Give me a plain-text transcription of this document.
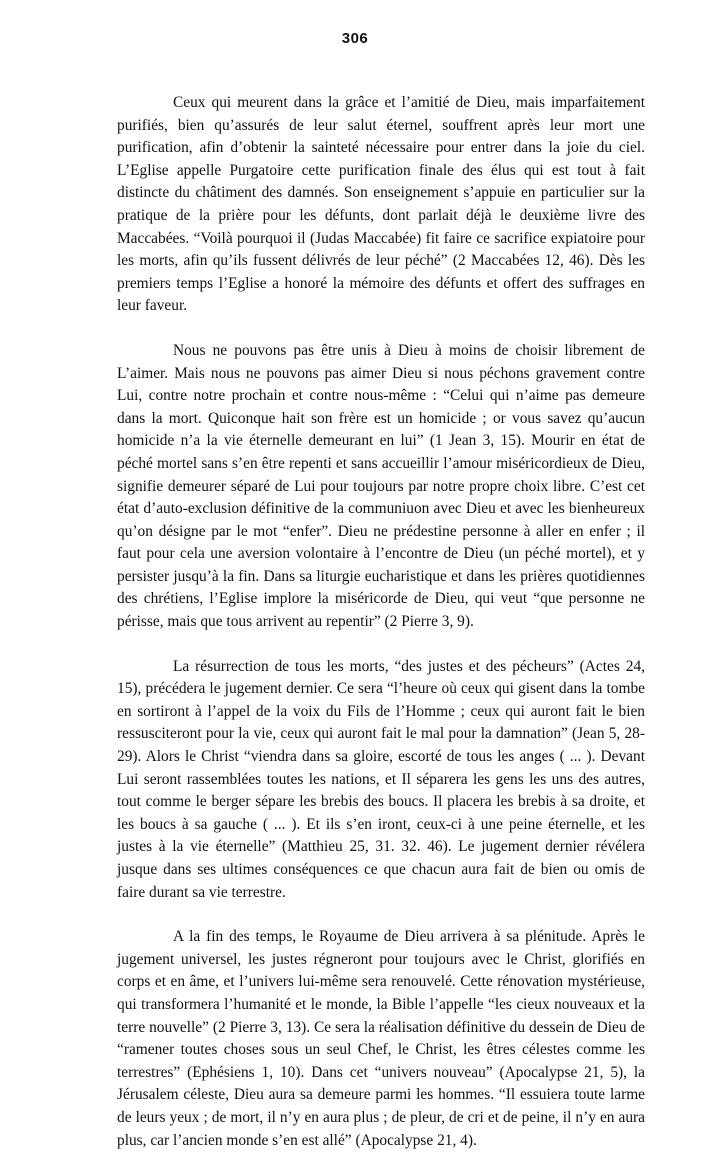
306

Ceux qui meurent dans la grâce et l’amitié de Dieu, mais imparfaitement purifiés, bien qu’assurés de leur salut éternel, souffrent après leur mort une purification, afin d’obtenir la sainteté nécessaire pour entrer dans la joie du ciel. L’Eglise appelle Purgatoire cette purification finale des élus qui est tout à fait distincte du châtiment des damnés. Son enseignement s’appuie en particulier sur la pratique de la prière pour les défunts, dont parlait déjà le deuxième livre des Maccabées. “Voilà pourquoi il (Judas Maccabée) fit faire ce sacrifice expiatoire pour les morts, afin qu’ils fussent délivrés de leur péché” (2 Maccabées 12, 46). Dès les premiers temps l’Eglise a honoré la mémoire des défunts et offert des suffrages en leur faveur.

Nous ne pouvons pas être unis à Dieu à moins de choisir librement de L’aimer. Mais nous ne pouvons pas aimer Dieu si nous péchons gravement contre Lui, contre notre prochain et contre nous-même : “Celui qui n’aime pas demeure dans la mort. Quiconque hait son frère est un homicide ; or vous savez qu’aucun homicide n’a la vie éternelle demeurant en lui” (1 Jean 3, 15). Mourir en état de péché mortel sans s’en être repenti et sans accueillir l’amour miséricordieux de Dieu, signifie demeurer séparé de Lui pour toujours par notre propre choix libre. C’est cet état d’auto-exclusion définitive de la communiuon avec Dieu et avec les bienheureux qu’on désigne par le mot “enfer”. Dieu ne prédestine personne à aller en enfer ; il faut pour cela une aversion volontaire à l’encontre de Dieu (un péché mortel), et y persister jusqu’à la fin. Dans sa liturgie eucharistique et dans les prières quotidiennes des chrétiens, l’Eglise implore la miséricorde de Dieu, qui veut “que personne ne périsse, mais que tous arrivent au repentir” (2 Pierre 3, 9).

La résurrection de tous les morts, “des justes et des pécheurs” (Actes 24, 15), précédera le jugement dernier. Ce sera “l’heure où ceux qui gisent dans la tombe en sortiront à l’appel de la voix du Fils de l’Homme ; ceux qui auront fait le bien ressusciteront pour la vie, ceux qui auront fait le mal pour la damnation” (Jean 5, 28-29). Alors le Christ “viendra dans sa gloire, escorté de tous les anges ( ... ). Devant Lui seront rassemblées toutes les nations, et Il séparera les gens les uns des autres, tout comme le berger sépare les brebis des boucs. Il placera les brebis à sa droite, et les boucs à sa gauche ( ... ). Et ils s’en iront, ceux-ci à une peine éternelle, et les justes à la vie éternelle” (Matthieu 25, 31. 32. 46). Le jugement dernier révélera jusque dans ses ultimes conséquences ce que chacun aura fait de bien ou omis de faire durant sa vie terrestre.

A la fin des temps, le Royaume de Dieu arrivera à sa plénitude. Après le jugement universel, les justes régneront pour toujours avec le Christ, glorifiés en corps et en âme, et l’univers lui-même sera renouvelé. Cette rénovation mystérieuse, qui transformera l’humanité et le monde, la Bible l’appelle “les cieux nouveaux et la terre nouvelle” (2 Pierre 3, 13). Ce sera la réalisation définitive du dessein de Dieu de “ramener toutes choses sous un seul Chef, le Christ, les êtres célestes comme les terrestres” (Ephésiens 1, 10). Dans cet “univers nouveau” (Apocalypse 21, 5), la Jérusalem céleste, Dieu aura sa demeure parmi les hommes. “Il essuiera toute larme de leurs yeux ; de mort, il n’y en aura plus ; de pleur, de cri et de peine, il n’y en aura plus, car l’ancien monde s’en est allé” (Apocalypse 21, 4).
